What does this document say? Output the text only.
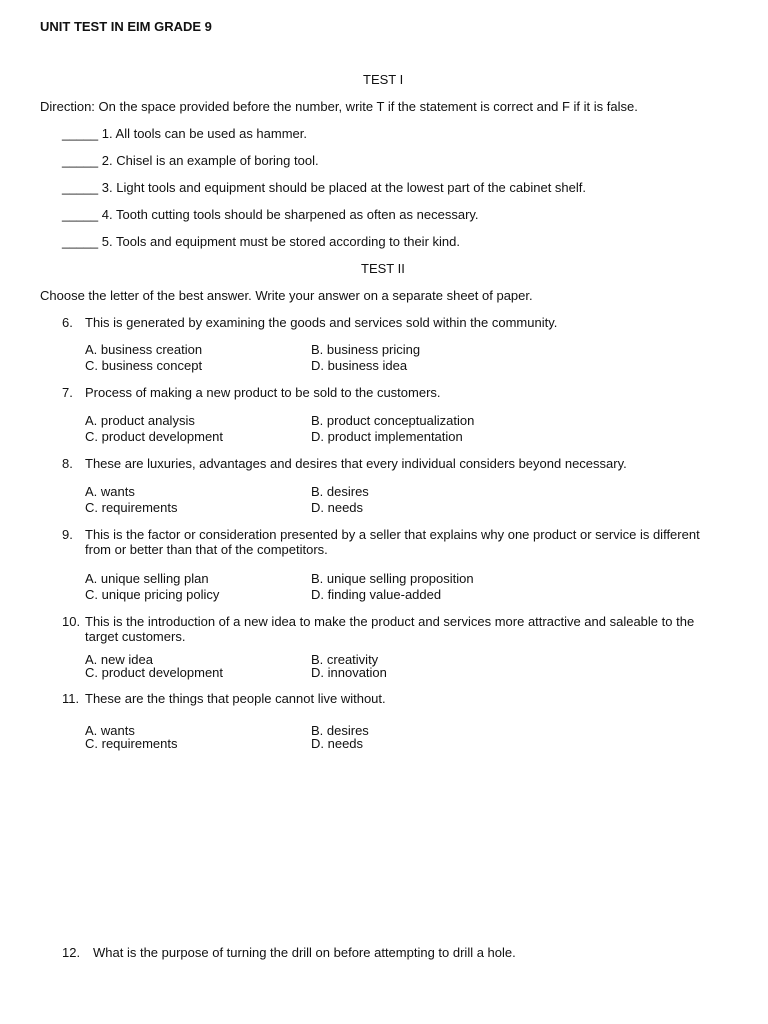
UNIT TEST IN EIM GRADE 9
TEST I
Direction: On the space provided before the number, write T if the statement is correct and F if it is false.
_____ 1. All tools can be used as hammer.
_____ 2. Chisel is an example of boring tool.
_____ 3. Light tools and equipment should be placed at the lowest part of the cabinet shelf.
_____ 4. Tooth cutting tools should be sharpened as often as necessary.
_____ 5. Tools and equipment must be stored according to their kind.
TEST II
Choose the letter of the best answer. Write your answer on a separate sheet of paper.
6. This is generated by examining the goods and services sold within the community.
A. business creation	B. business pricing
C. business concept	D. business idea
7. Process of making a new product to be sold to the customers.
A. product analysis	B. product conceptualization
C. product development	D. product implementation
8. These are luxuries, advantages and desires that every individual considers beyond necessary.
A. wants	B. desires
C. requirements	D. needs
9. This is the factor or consideration presented by a seller that explains why one product or service is different from or better than that of the competitors.
A. unique selling plan	B. unique selling proposition
C. unique pricing policy	D. finding value-added
10. This is the introduction of a new idea to make the product and services more attractive and saleable to the target customers.
A. new idea	B. creativity
C. product development	D. innovation
11. These are the things that people cannot live without.
A. wants	B. desires
C. requirements	D. needs
12. What is the purpose of turning the drill on before attempting to drill a hole.
